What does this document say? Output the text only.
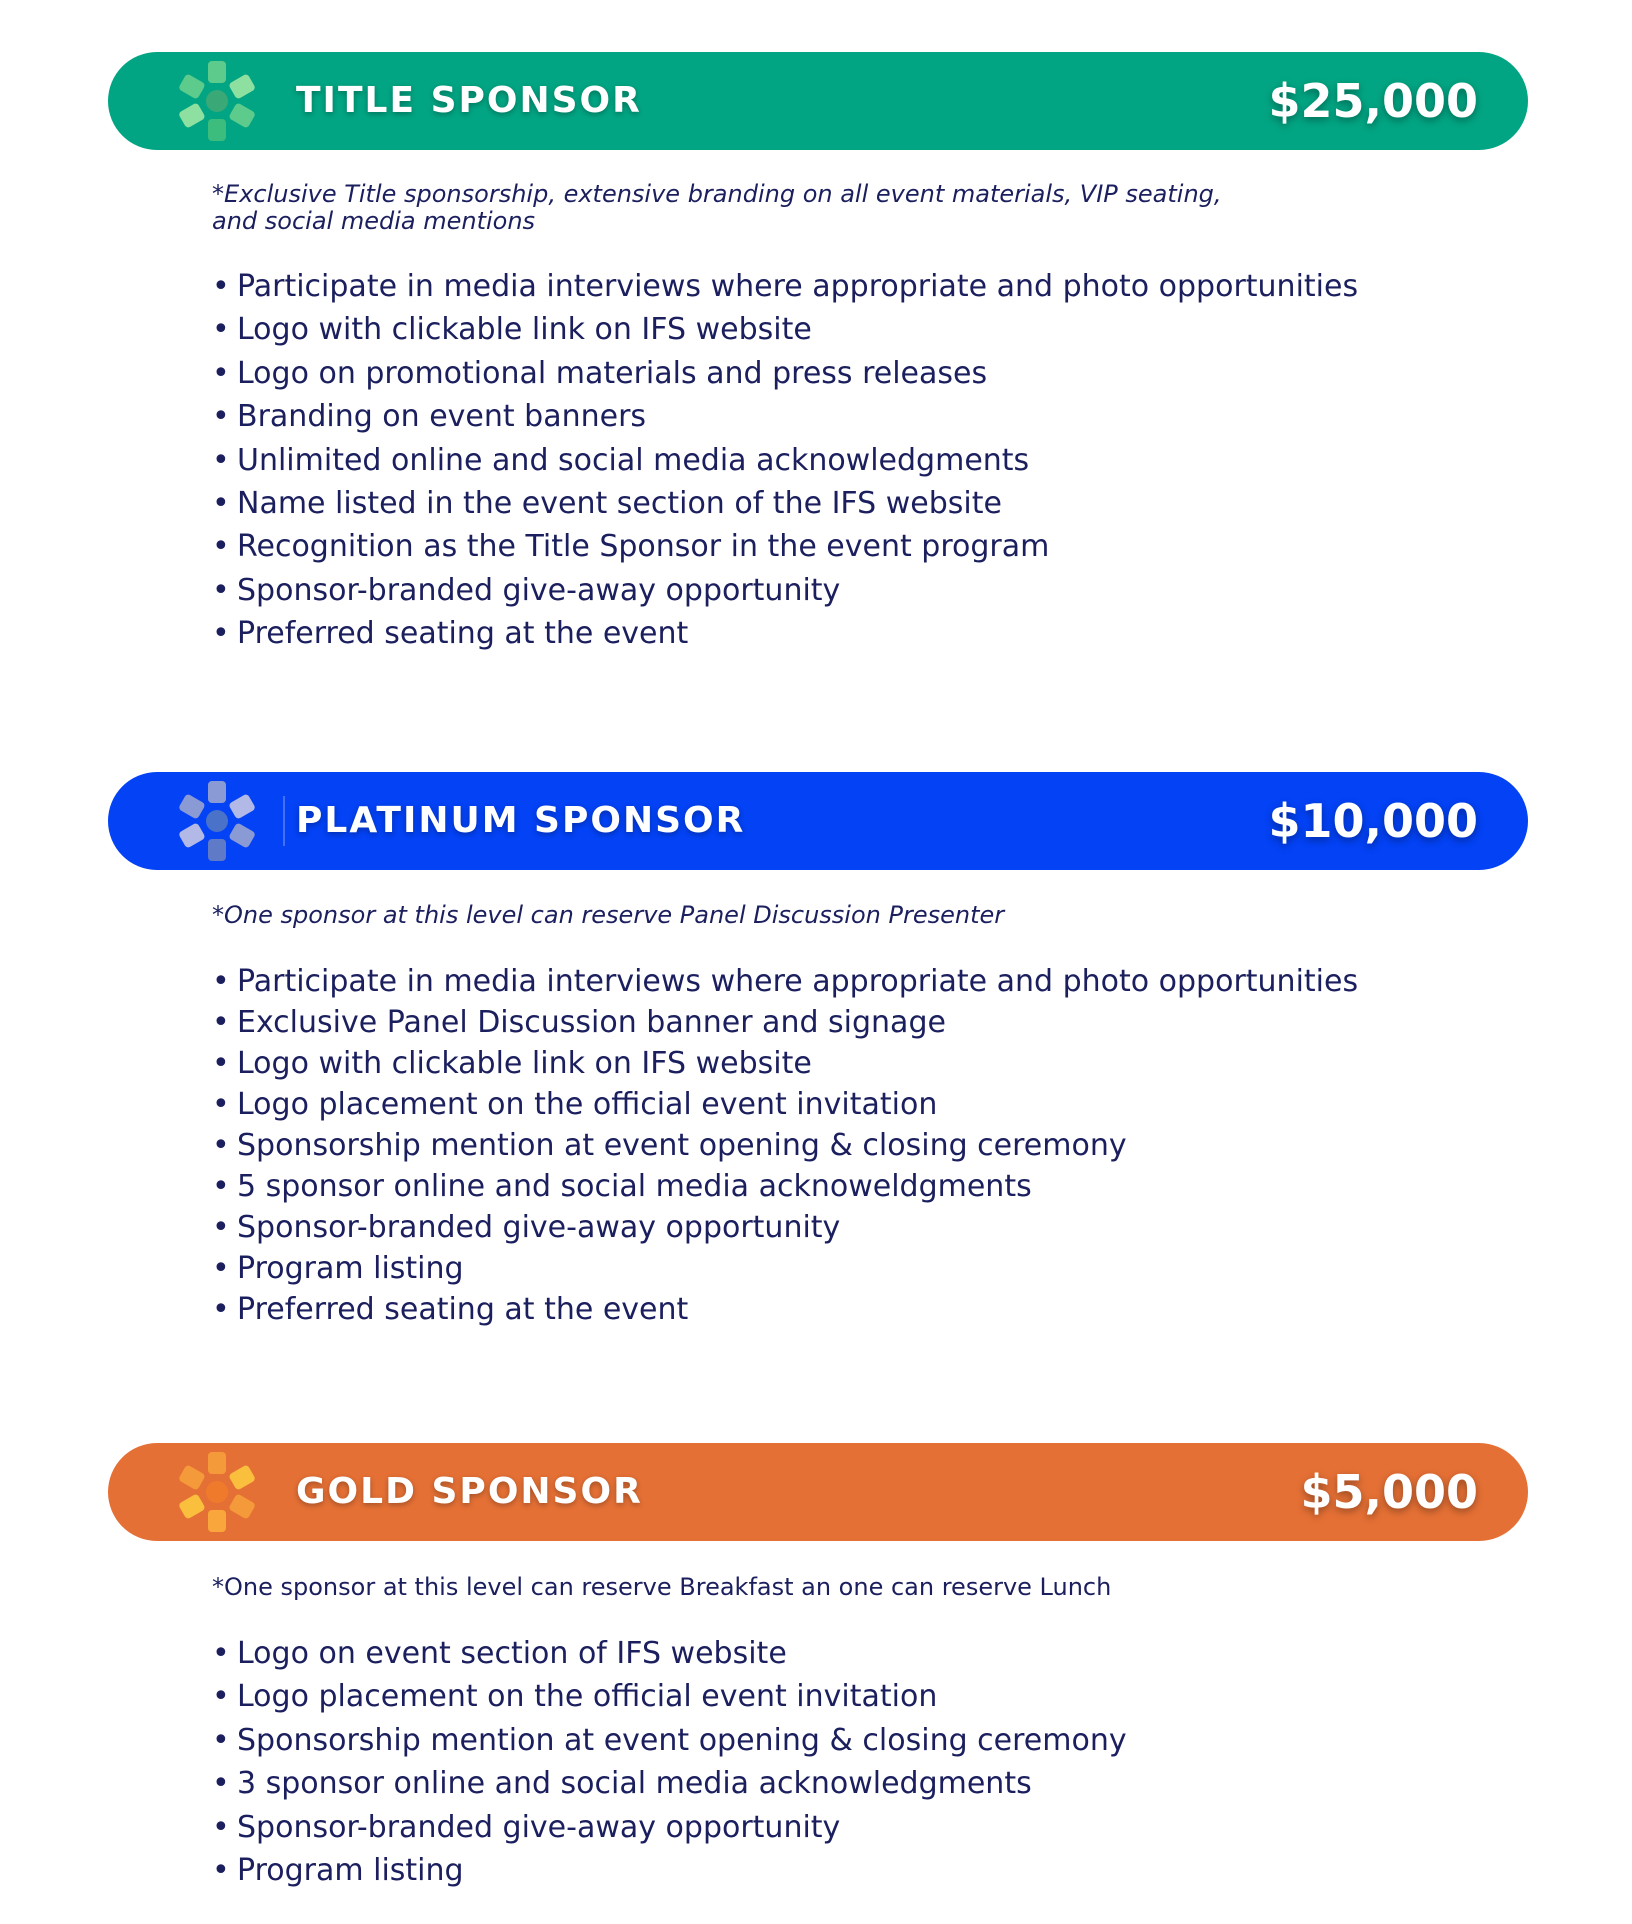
TITLE SPONSOR	$25,000
*Exclusive Title sponsorship, extensive branding on all event materials, VIP seating, and social media mentions
• Participate in media interviews where appropriate and photo opportunities
• Logo with clickable link on IFS website
• Logo on promotional materials and press releases
• Branding on event banners
• Unlimited online and social media acknowledgments
• Name listed in the event section of the IFS website
• Recognition as the Title Sponsor in the event program
• Sponsor-branded give-away opportunity
• Preferred seating at the event
PLATINUM SPONSOR	$10,000
*One sponsor at this level can reserve Panel Discussion Presenter
• Participate in media interviews where appropriate and photo opportunities
• Exclusive Panel Discussion banner and signage
• Logo with clickable link on IFS website
• Logo placement on the official event invitation
• Sponsorship mention at event opening & closing ceremony
• 5 sponsor online and social media acknoweldgments
• Sponsor-branded give-away opportunity
• Program listing
• Preferred seating at the event
GOLD SPONSOR	$5,000
*One sponsor at this level can reserve Breakfast an one can reserve Lunch
• Logo on event section of IFS website
• Logo placement on the official event invitation
• Sponsorship mention at event opening & closing ceremony
• 3 sponsor online and social media acknowledgments
• Sponsor-branded give-away opportunity
• Program listing
